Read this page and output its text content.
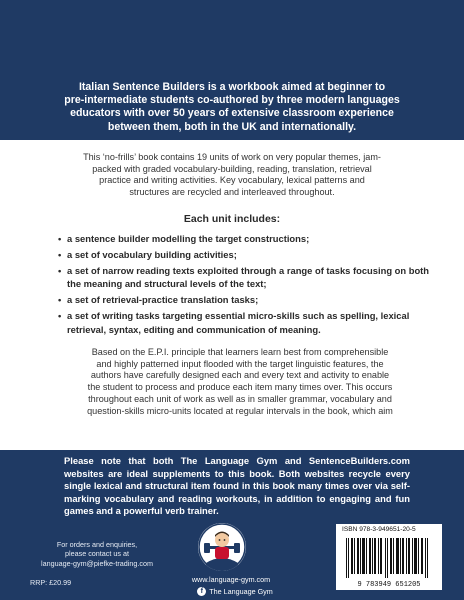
Italian Sentence Builders is a workbook aimed at beginner to
pre-intermediate students co-authored by three modern languages
educators with over 50 years of extensive classroom experience
between them, both in the UK and internationally.
This ‘no-frills’ book contains 19 units of work on very popular themes, jam-
packed with graded vocabulary-building, reading, translation, retrieval
practice and writing activities. Key vocabulary, lexical patterns and
structures are recycled and interleaved throughout.
Each unit includes:
• a sentence builder modelling the target constructions;
• a set of vocabulary building activities;
• a set of narrow reading texts exploited through a range of tasks focusing on both the meaning and structural levels of the text;
• a set of retrieval-practice translation tasks;
• a set of writing tasks targeting essential micro-skills such as spelling, lexical retrieval, syntax, editing and communication of meaning.
Based on the E.P.I. principle that learners learn best from comprehensible
and highly patterned input flooded with the target linguistic features, the
authors have carefully designed each and every text and activity to enable
the student to process and produce each item many times over. This occurs
throughout each unit of work as well as in smaller grammar, vocabulary and
question-skills micro-units located at regular intervals in the book, which aim
Please note that both The Language Gym and SentenceBuilders.com websites are ideal supplements to this book. Both websites recycle every single lexical and structural item found in this book many times over via self-marking vocabulary and reading workouts, in addition to engaging and fun games and a powerful verb trainer.
For orders and enquiries,
please contact us at
language-gym@piefke-trading.com
RRP: £20.99	www.language-gym.com
f The Language Gym
ISBN 978-3-949651-20-5
9 783949 651205
